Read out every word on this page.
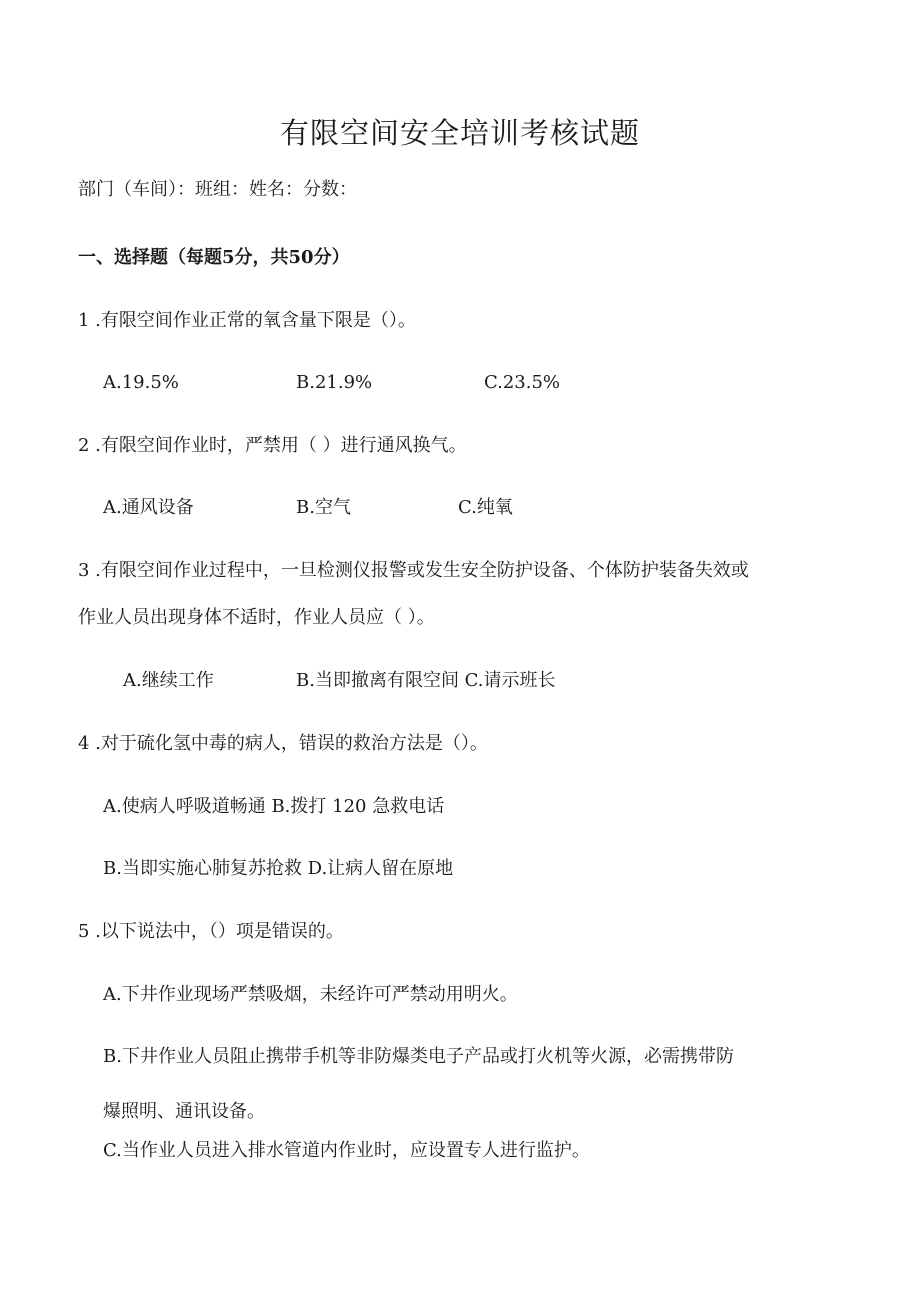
有限空间安全培训考核试题
部门（车间）：班组：姓名：分数：
一、选择题（每题5分，共50分）
1 .有限空间作业正常的氧含量下限是（）。
A.19.5%	B.21.9%	C.23.5%
2 .有限空间作业时，严禁用（ ）进行通风换气。
A.通风设备	B.空气	C.纯氧
3 .有限空间作业过程中，一旦检测仪报警或发生安全防护设备、个体防护装备失效或
作业人员出现身体不适时，作业人员应（ ）。
A.继续工作	B.当即撤离有限空间 C.请示班长
4 .对于硫化氢中毒的病人，错误的救治方法是（）。
A.使病人呼吸道畅通 B.拨打 120 急救电话
B.当即实施心肺复苏抢救 D.让病人留在原地
5 .以下说法中，（）项是错误的。
A.下井作业现场严禁吸烟，未经许可严禁动用明火。
B.下井作业人员阻止携带手机等非防爆类电子产品或打火机等火源，必需携带防
爆照明、通讯设备。
C.当作业人员进入排水管道内作业时，应设置专人进行监护。
